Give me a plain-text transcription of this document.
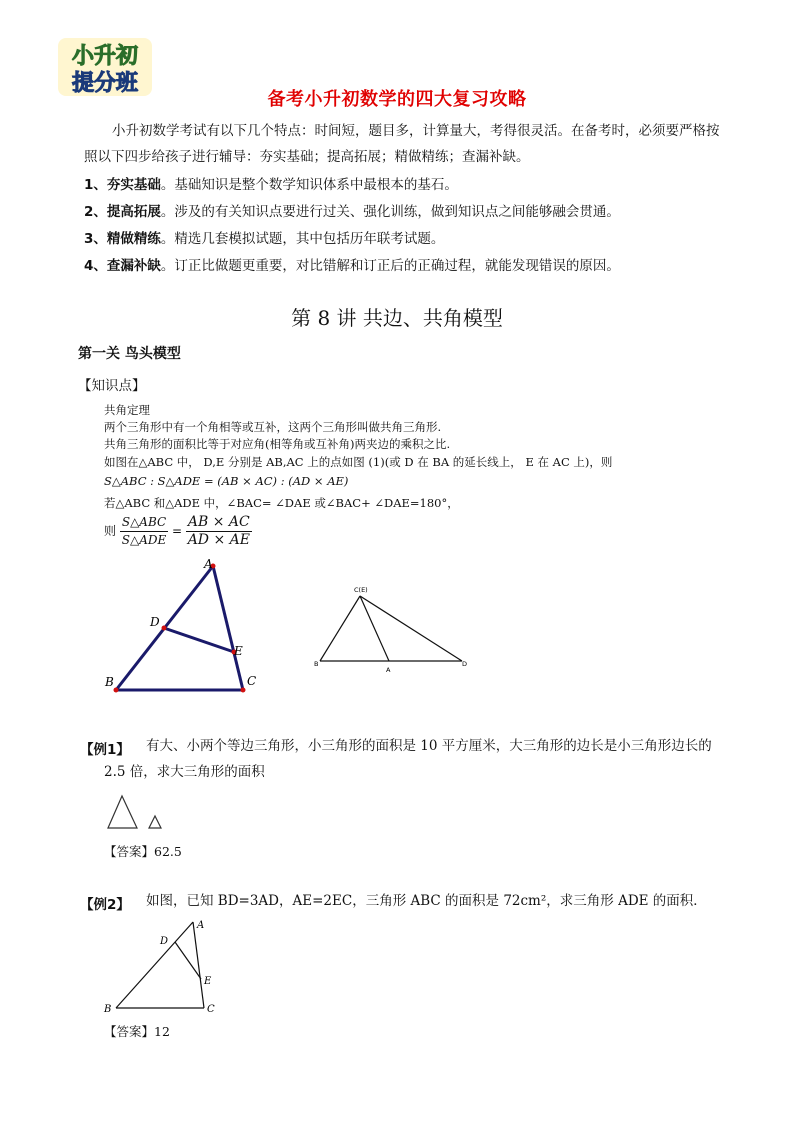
小升初
提分班
备考小升初数学的四大复习攻略
小升初数学考试有以下几个特点：时间短，题目多，计算量大，考得很灵活。在备考时，必须要严格按照以下四步给孩子进行辅导：夯实基础；提高拓展；精做精练；查漏补缺。
1、夯实基础。基础知识是整个数学知识体系中最根本的基石。
2、提高拓展。涉及的有关知识点要进行过关、强化训练，做到知识点之间能够融会贯通。
3、精做精练。精选几套模拟试题，其中包括历年联考试题。
4、查漏补缺。订正比做题更重要，对比错解和订正后的正确过程，就能发现错误的原因。
第 8 讲 共边、共角模型
第一关 鸟头模型
【知识点】
共角定理
两个三角形中有一个角相等或互补，这两个三角形叫做共角三角形.
共角三角形的面积比等于对应角(相等角或互补角)两夹边的乘积之比.
如图在△ABC 中， D,E 分别是 AB,AC 上的点如图 (1)(或 D 在 BA 的延长线上， E 在 AC 上)，则
S△ABC : S△ADE = (AB × AC) : (AD × AE)
若△ABC 和△ADE 中，∠BAC= ∠DAE 或∠BAC+ ∠DAE=180°，
则 $\frac{\text{S△ABC}}{\text{S△ADE}} = \frac{AB \times AC}{AD \times AE}$
A
B	C
D
E
C(E)
B
A
D
【例1】	有大、小两个等边三角形，小三角形的面积是 10 平方厘米，大三角形的边长是小三角形边长的 2.5 倍，求大三角形的面积
【答案】62.5
【例2】 如图，已知 BD=3AD，AE=2EC，三角形 ABC 的面积是 72cm²，求三角形 ADE 的面积．
A
B	C
D
E
【答案】12
